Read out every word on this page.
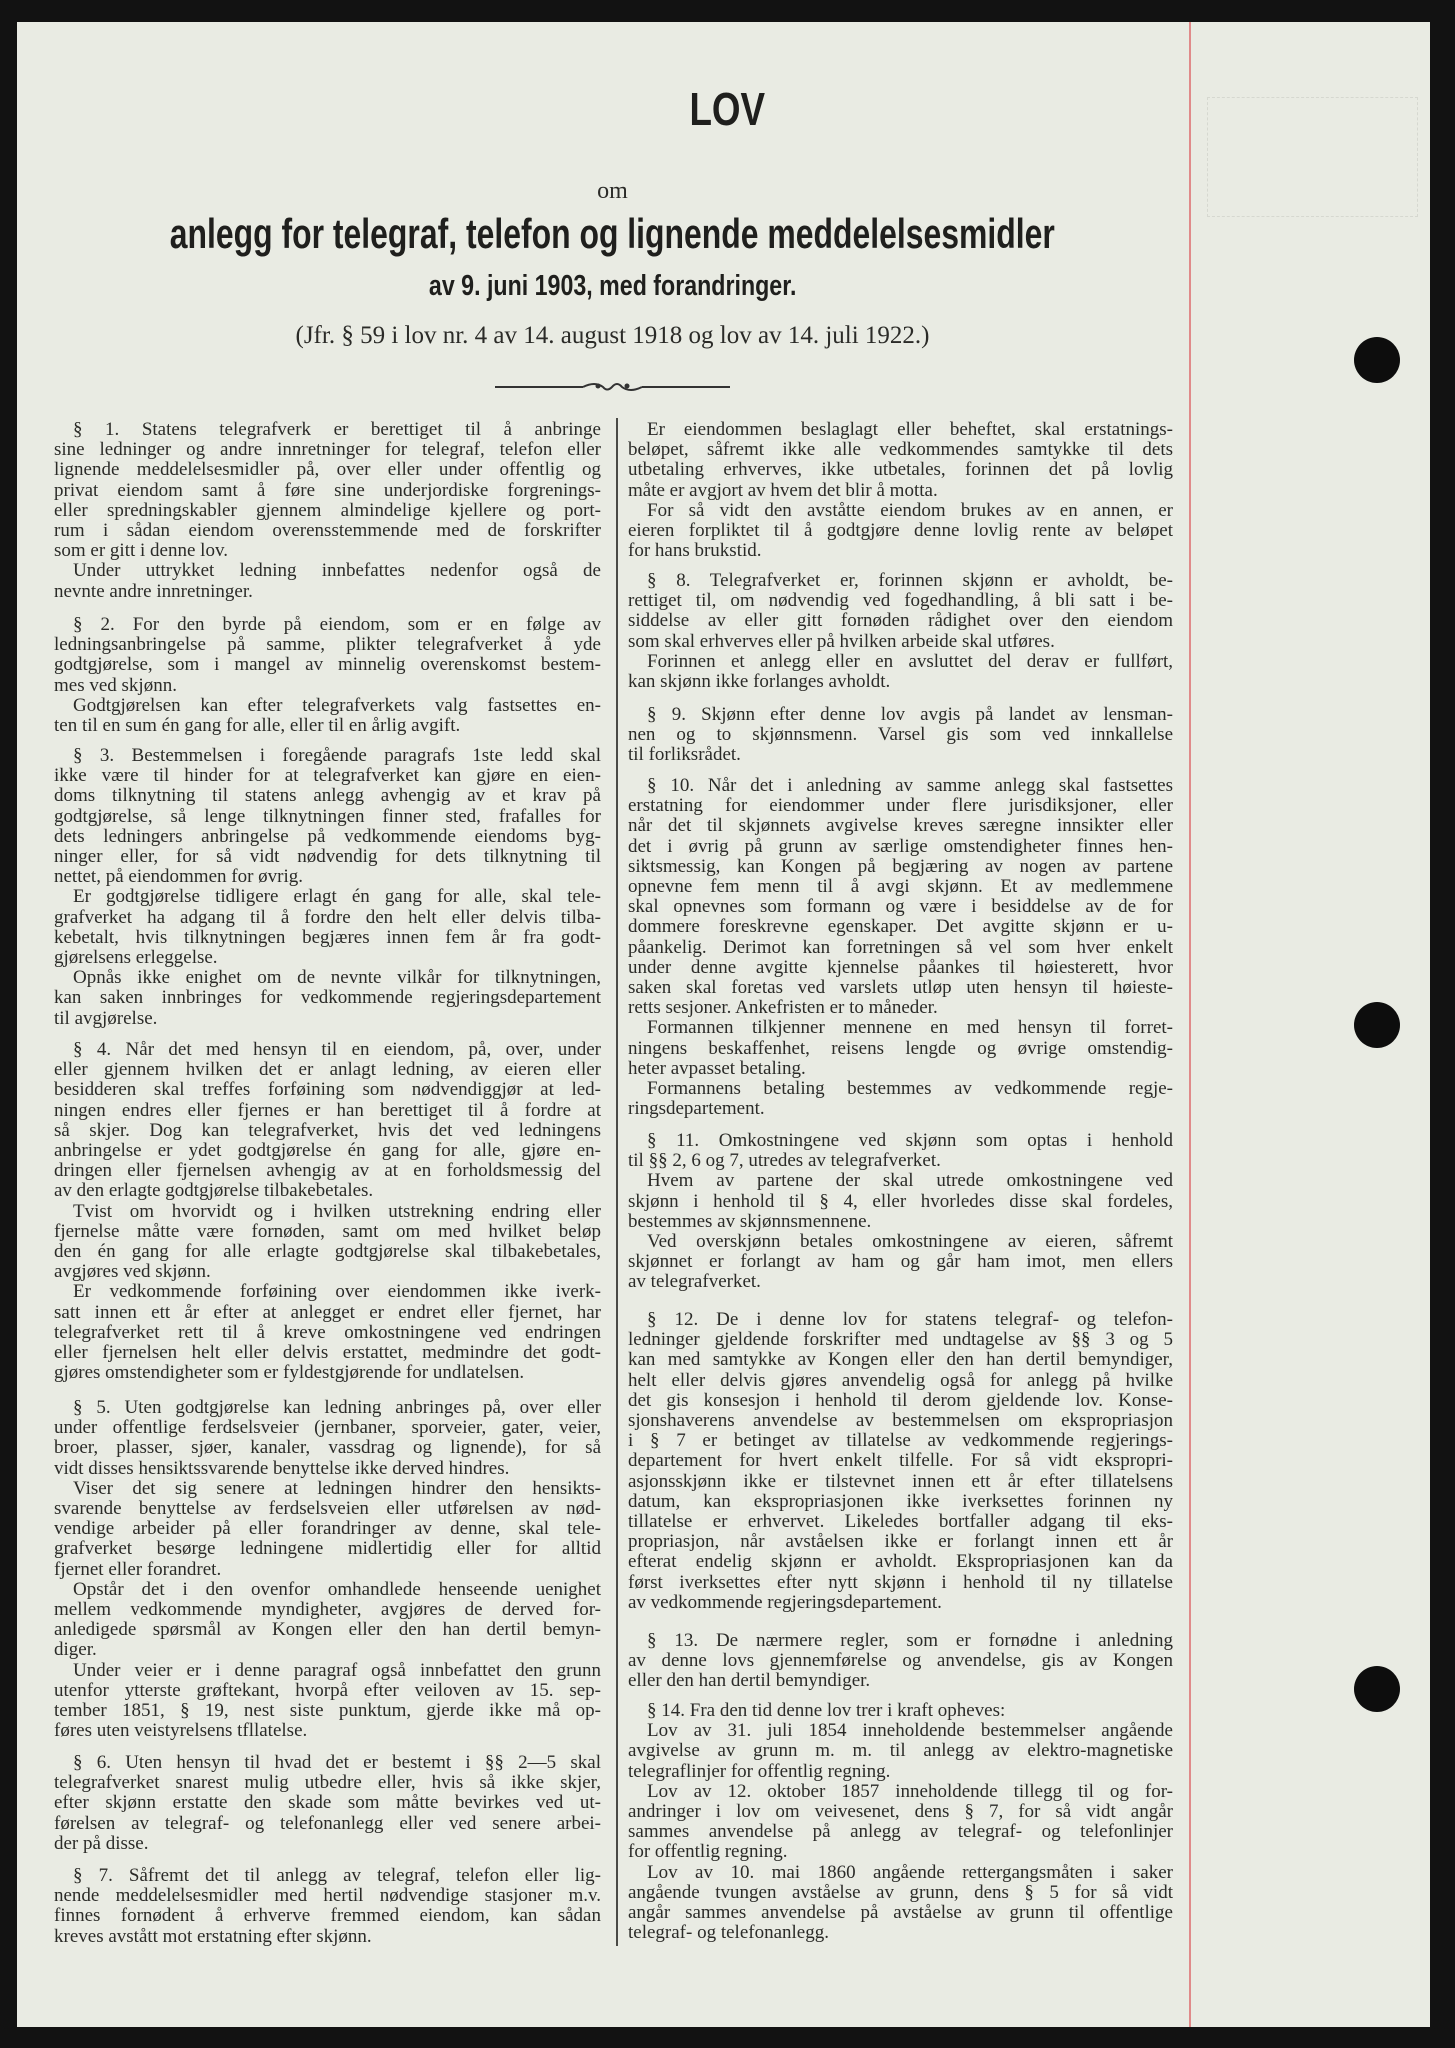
LOV
om
anlegg for telegraf, telefon og lignende meddelelsesmidler
av 9. juni 1903, med forandringer.
(Jfr. § 59 i lov nr. 4 av 14. august 1918 og lov av 14. juli 1922.)
§ 1. Statens telegrafverk er berettiget til å anbringe
sine ledninger og andre innretninger for telegraf, telefon eller
lignende meddelelsesmidler på, over eller under offentlig og
privat eiendom samt å føre sine underjordiske forgrenings-
eller spredningskabler gjennem almindelige kjellere og port-
rum i sådan eiendom overensstemmende med de forskrifter
som er gitt i denne lov.
Under uttrykket ledning innbefattes nedenfor også de
nevnte andre innretninger.
§ 2. For den byrde på eiendom, som er en følge av
ledningsanbringelse på samme, plikter telegrafverket å yde
godtgjørelse, som i mangel av minnelig overenskomst bestem-
mes ved skjønn.
Godtgjørelsen kan efter telegrafverkets valg fastsettes en-
ten til en sum én gang for alle, eller til en årlig avgift.
§ 3. Bestemmelsen i foregående paragrafs 1ste ledd skal
ikke være til hinder for at telegrafverket kan gjøre en eien-
doms tilknytning til statens anlegg avhengig av et krav på
godtgjørelse, så lenge tilknytningen finner sted, frafalles for
dets ledningers anbringelse på vedkommende eiendoms byg-
ninger eller, for så vidt nødvendig for dets tilknytning til
nettet, på eiendommen for øvrig.
Er godtgjørelse tidligere erlagt én gang for alle, skal tele-
grafverket ha adgang til å fordre den helt eller delvis tilba-
kebetalt, hvis tilknytningen begjæres innen fem år fra godt-
gjørelsens erleggelse.
Opnås ikke enighet om de nevnte vilkår for tilknytningen,
kan saken innbringes for vedkommende regjeringsdepartement
til avgjørelse.
§ 4. Når det med hensyn til en eiendom, på, over, under
eller gjennem hvilken det er anlagt ledning, av eieren eller
besidderen skal treffes forføining som nødvendiggjør at led-
ningen endres eller fjernes er han berettiget til å fordre at
så skjer. Dog kan telegrafverket, hvis det ved ledningens
anbringelse er ydet godtgjørelse én gang for alle, gjøre en-
dringen eller fjernelsen avhengig av at en forholdsmessig del
av den erlagte godtgjørelse tilbakebetales.
Tvist om hvorvidt og i hvilken utstrekning endring eller
fjernelse måtte være fornøden, samt om med hvilket beløp
den én gang for alle erlagte godtgjørelse skal tilbakebetales,
avgjøres ved skjønn.
Er vedkommende forføining over eiendommen ikke iverk-
satt innen ett år efter at anlegget er endret eller fjernet, har
telegrafverket rett til å kreve omkostningene ved endringen
eller fjernelsen helt eller delvis erstattet, medmindre det godt-
gjøres omstendigheter som er fyldestgjørende for undlatelsen.
§ 5. Uten godtgjørelse kan ledning anbringes på, over eller
under offentlige ferdselsveier (jernbaner, sporveier, gater, veier,
broer, plasser, sjøer, kanaler, vassdrag og lignende), for så
vidt disses hensiktssvarende benyttelse ikke derved hindres.
Viser det sig senere at ledningen hindrer den hensikts-
svarende benyttelse av ferdselsveien eller utførelsen av nød-
vendige arbeider på eller forandringer av denne, skal tele-
grafverket besørge ledningene midlertidig eller for alltid
fjernet eller forandret.
Opstår det i den ovenfor omhandlede henseende uenighet
mellem vedkommende myndigheter, avgjøres de derved for-
anledigede spørsmål av Kongen eller den han dertil bemyn-
diger.
Under veier er i denne paragraf også innbefattet den grunn
utenfor ytterste grøftekant, hvorpå efter veiloven av 15. sep-
tember 1851, § 19, nest siste punktum, gjerde ikke må op-
føres uten veistyrelsens tfllatelse.
§ 6. Uten hensyn til hvad det er bestemt i §§ 2—5 skal
telegrafverket snarest mulig utbedre eller, hvis så ikke skjer,
efter skjønn erstatte den skade som måtte bevirkes ved ut-
førelsen av telegraf- og telefonanlegg eller ved senere arbei-
der på disse.
§ 7. Såfremt det til anlegg av telegraf, telefon eller lig-
nende meddelelsesmidler med hertil nødvendige stasjoner m.v.
finnes fornødent å erhverve fremmed eiendom, kan sådan
kreves avstått mot erstatning efter skjønn.
Er eiendommen beslaglagt eller beheftet, skal erstatnings-
beløpet, såfremt ikke alle vedkommendes samtykke til dets
utbetaling erhverves, ikke utbetales, forinnen det på lovlig
måte er avgjort av hvem det blir å motta.
For så vidt den avståtte eiendom brukes av en annen, er
eieren forpliktet til å godtgjøre denne lovlig rente av beløpet
for hans brukstid.
§ 8. Telegrafverket er, forinnen skjønn er avholdt, be-
rettiget til, om nødvendig ved fogedhandling, å bli satt i be-
siddelse av eller gitt fornøden rådighet over den eiendom
som skal erhverves eller på hvilken arbeide skal utføres.
Forinnen et anlegg eller en avsluttet del derav er fullført,
kan skjønn ikke forlanges avholdt.
§ 9. Skjønn efter denne lov avgis på landet av lensman-
nen og to skjønnsmenn. Varsel gis som ved innkallelse
til forliksrådet.
§ 10. Når det i anledning av samme anlegg skal fastsettes
erstatning for eiendommer under flere jurisdiksjoner, eller
når det til skjønnets avgivelse kreves særegne innsikter eller
det i øvrig på grunn av særlige omstendigheter finnes hen-
siktsmessig, kan Kongen på begjæring av nogen av partene
opnevne fem menn til å avgi skjønn. Et av medlemmene
skal opnevnes som formann og være i besiddelse av de for
dommere foreskrevne egenskaper. Det avgitte skjønn er u-
påankelig. Derimot kan forretningen så vel som hver enkelt
under denne avgitte kjennelse påankes til høiesterett, hvor
saken skal foretas ved varslets utløp uten hensyn til høieste-
retts sesjoner. Ankefristen er to måneder.
Formannen tilkjenner mennene en med hensyn til forret-
ningens beskaffenhet, reisens lengde og øvrige omstendig-
heter avpasset betaling.
Formannens betaling bestemmes av vedkommende regje-
ringsdepartement.
§ 11. Omkostningene ved skjønn som optas i henhold
til §§ 2, 6 og 7, utredes av telegrafverket.
Hvem av partene der skal utrede omkostningene ved
skjønn i henhold til § 4, eller hvorledes disse skal fordeles,
bestemmes av skjønnsmennene.
Ved overskjønn betales omkostningene av eieren, såfremt
skjønnet er forlangt av ham og går ham imot, men ellers
av telegrafverket.
§ 12. De i denne lov for statens telegraf- og telefon-
ledninger gjeldende forskrifter med undtagelse av §§ 3 og 5
kan med samtykke av Kongen eller den han dertil bemyndiger,
helt eller delvis gjøres anvendelig også for anlegg på hvilke
det gis konsesjon i henhold til derom gjeldende lov. Konse-
sjonshaverens anvendelse av bestemmelsen om ekspropriasjon
i § 7 er betinget av tillatelse av vedkommende regjerings-
departement for hvert enkelt tilfelle. For så vidt ekspropri-
asjonsskjønn ikke er tilstevnet innen ett år efter tillatelsens
datum, kan ekspropriasjonen ikke iverksettes forinnen ny
tillatelse er erhvervet. Likeledes bortfaller adgang til eks-
propriasjon, når avståelsen ikke er forlangt innen ett år
efterat endelig skjønn er avholdt. Ekspropriasjonen kan da
først iverksettes efter nytt skjønn i henhold til ny tillatelse
av vedkommende regjeringsdepartement.
§ 13. De nærmere regler, som er fornødne i anledning
av denne lovs gjennemførelse og anvendelse, gis av Kongen
eller den han dertil bemyndiger.
§ 14. Fra den tid denne lov trer i kraft opheves:
Lov av 31. juli 1854 inneholdende bestemmelser angående
avgivelse av grunn m. m. til anlegg av elektro-magnetiske
telegraflinjer for offentlig regning.
Lov av 12. oktober 1857 inneholdende tillegg til og for-
andringer i lov om veivesenet, dens § 7, for så vidt angår
sammes anvendelse på anlegg av telegraf- og telefonlinjer
for offentlig regning.
Lov av 10. mai 1860 angående rettergangsmåten i saker
angående tvungen avståelse av grunn, dens § 5 for så vidt
angår sammes anvendelse på avståelse av grunn til offentlige
telegraf- og telefonanlegg.
